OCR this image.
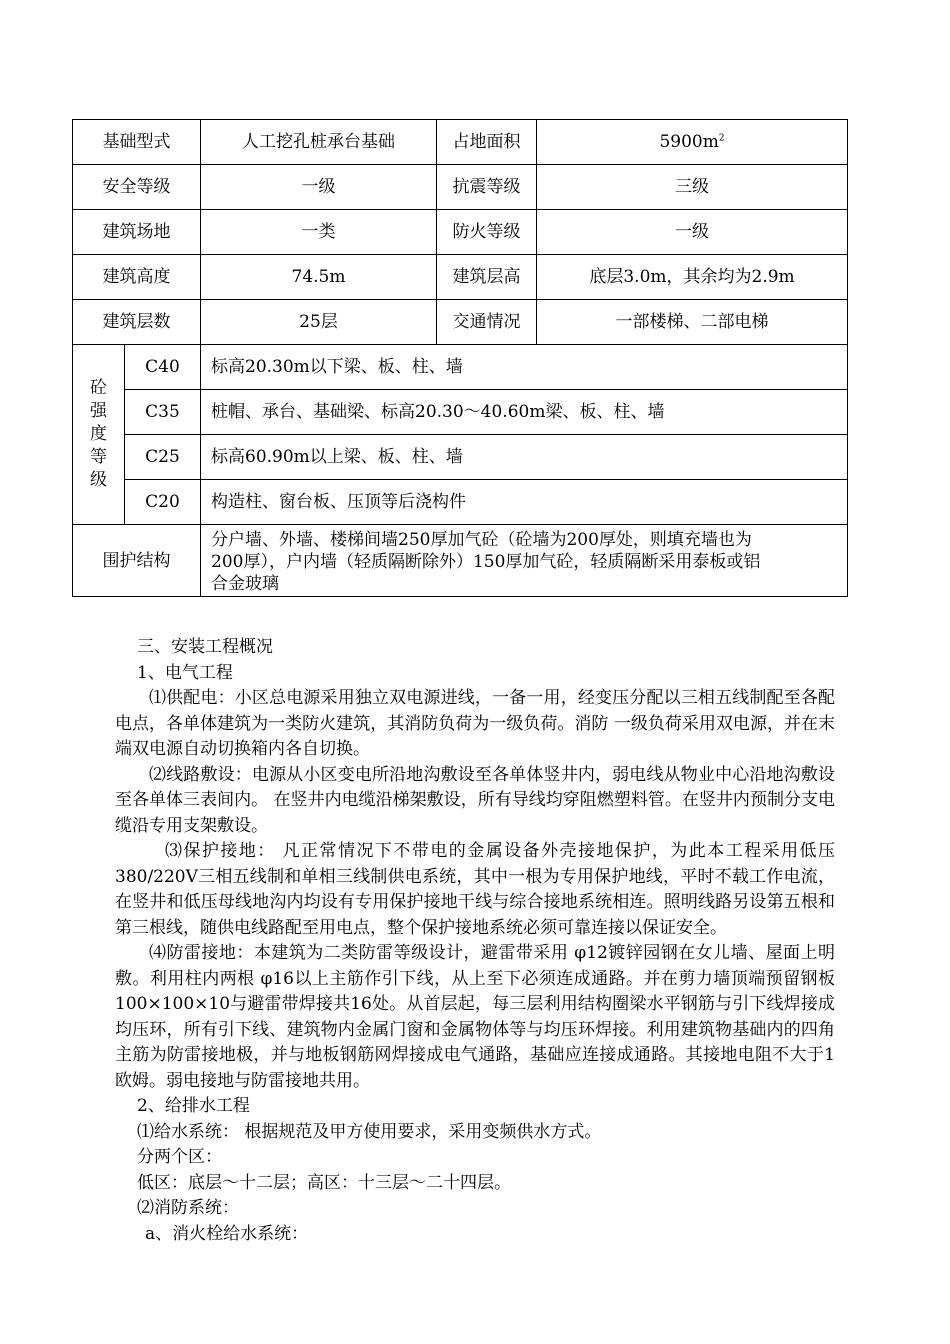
基础型式		人工挖孔桩承台基础	占地面积	$5900m^2$
安全等级		一级	抗震等级	三级
建筑场地		一类	防火等级	一级
建筑高度		74.5m	建筑层高	底层3.0m，其余均为2.9m
建筑层数		25层	交通情况	一部楼梯、二部电梯

砼
强
度
等
级	C40	标高20.30m以下梁、板、柱、墙		
	C35	桩帽、承台、基础梁、标高20.30～40.60m梁、板、柱、墙		
	C25	标高60.90m以上梁、板、柱、墙		
	C20	构造柱、窗台板、压顶等后浇构件		
围护结构		分户墙、外墙、楼梯间墙250厚加气砼（砼墙为200厚处，则填充墙也为
200厚），户内墙（轻质隔断除外）150厚加气砼，轻质隔断采用泰板或铝
合金玻璃		

三、安装工程概况

1、电气工程

⑴供配电：小区总电源采用独立双电源进线，一备一用，经变压分配以三相五线制配至各配电点，各单体建筑为一类防火建筑，其消防负荷为一级负荷。消防 一级负荷采用双电源，并在末端双电源自动切换箱内各自切换。

⑵线路敷设：电源从小区变电所沿地沟敷设至各单体竖井内，弱电线从物业中心沿地沟敷设至各单体三表间内。 在竖井内电缆沿梯架敷设，所有导线均穿阻燃塑料管。在竖井内预制分支电缆沿专用支架敷设。

⑶保护接地： 凡正常情况下不带电的金属设备外壳接地保护，为此本工程采用低压380/220V三相五线制和单相三线制供电系统，其中一根为专用保护地线，平时不载工作电流，在竖井和低压母线地沟内均设有专用保护接地干线与综合接地系统相连。照明线路另设第五根和第三根线，随供电线路配至用电点，整个保护接地系统必须可靠连接以保证安全。

⑷防雷接地：本建筑为二类防雷等级设计，避雷带采用 φ12镀锌园钢在女儿墙、屋面上明敷。利用柱内两根 φ16以上主筋作引下线，从上至下必须连成通路。并在剪力墙顶端预留钢板100×100×10与避雷带焊接共16处。从首层起，每三层利用结构圈梁水平钢筋与引下线焊接成均压环，所有引下线、建筑物内金属门窗和金属物体等与均压环焊接。利用建筑物基础内的四角主筋为防雷接地极，并与地板钢筋网焊接成电气通路，基础应连接成通路。其接地电阻不大于1欧姆。弱电接地与防雷接地共用。

2、给排水工程

⑴给水系统： 根据规范及甲方使用要求，采用变频供水方式。

分两个区：

低区：底层～十二层；高区：十三层～二十四层。

⑵消防系统：

a、消火栓给水系统：
